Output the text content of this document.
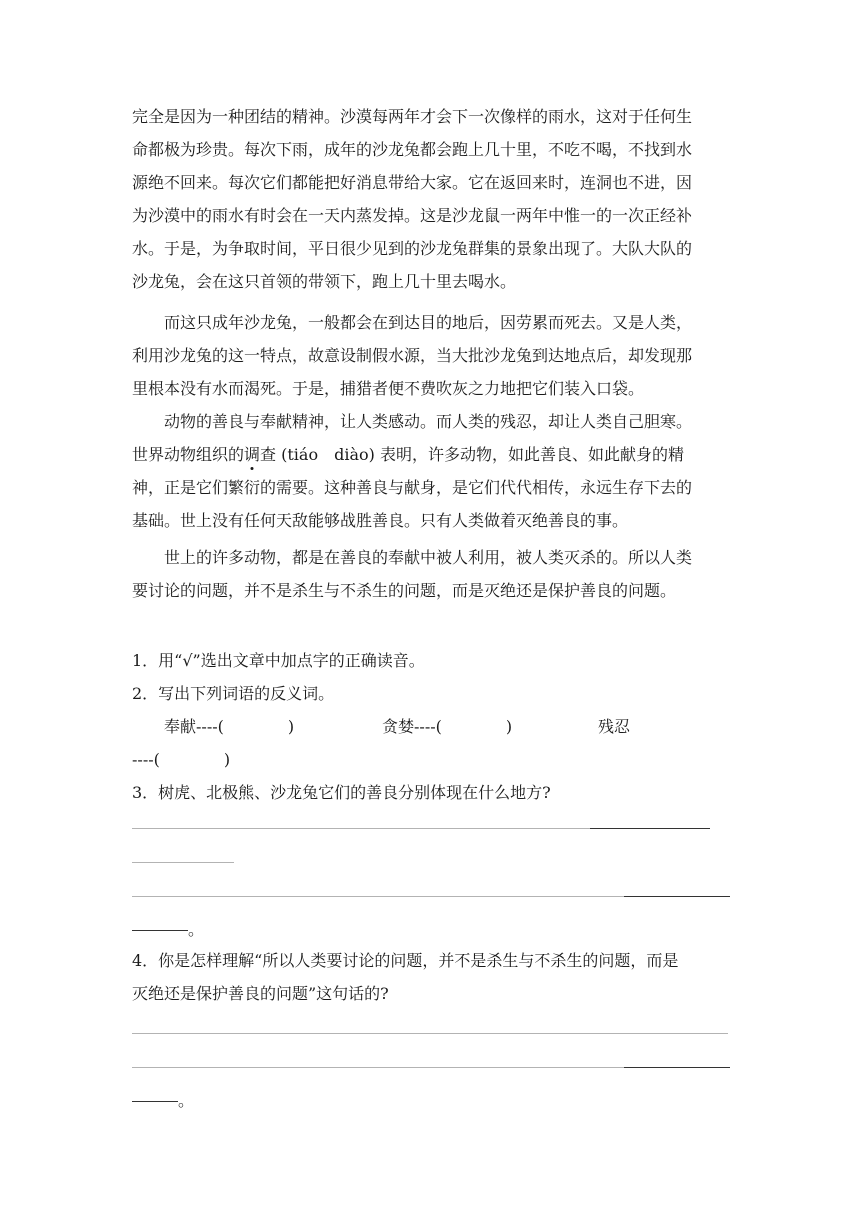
完全是因为一种团结的精神。沙漠每两年才会下一次像样的雨水，这对于任何生
命都极为珍贵。每次下雨，成年的沙龙兔都会跑上几十里，不吃不喝，不找到水
源绝不回来。每次它们都能把好消息带给大家。它在返回来时，连洞也不进，因
为沙漠中的雨水有时会在一天内蒸发掉。这是沙龙鼠一两年中惟一的一次正经补
水。于是，为争取时间，平日很少见到的沙龙兔群集的景象出现了。大队大队的
沙龙兔，会在这只首领的带领下，跑上几十里去喝水。
而这只成年沙龙兔，一般都会在到达目的地后，因劳累而死去。又是人类，
利用沙龙兔的这一特点，故意设制假水源，当大批沙龙兔到达地点后，却发现那
里根本没有水而渴死。于是，捕猎者便不费吹灰之力地把它们装入口袋。
动物的善良与奉献精神，让人类感动。而人类的残忍，却让人类自己胆寒。
世界动物组织的调查 (tiáo　diào) 表明，许多动物，如此善良、如此献身的精
神，正是它们繁衍的需要。这种善良与献身，是它们代代相传，永远生存下去的
基础。世上没有任何天敌能够战胜善良。只有人类做着灭绝善良的事。
世上的许多动物，都是在善良的奉献中被人利用，被人类灭杀的。所以人类
要讨论的问题，并不是杀生与不杀生的问题，而是灭绝还是保护善良的问题。
1．用“√”选出文章中加点字的正确读音。
2．写出下列词语的反义词。
奉献----(　　　　)	贪婪----(　　　　)	残忍
----(　　　　)
3．树虎、北极熊、沙龙兔它们的善良分别体现在什么地方?
。
4．你是怎样理解“所以人类要讨论的问题，并不是杀生与不杀生的问题，而是
灭绝还是保护善良的问题”这句话的?
。
